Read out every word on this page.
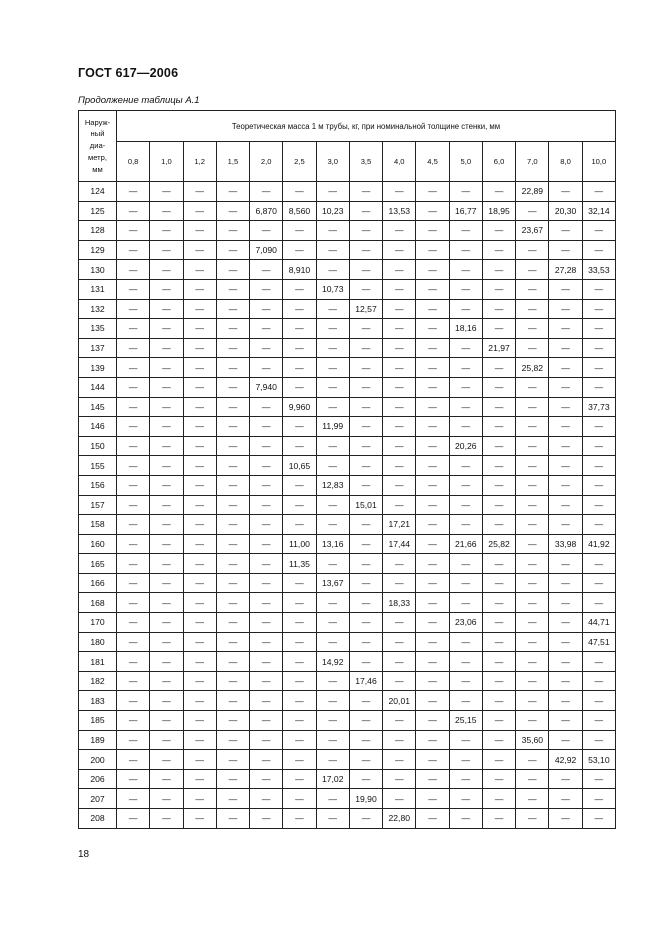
ГОСТ 617—2006
Продолжение таблицы А.1
Наруж-
ный
диа-
метр,
мм	Теоретическая масса 1 м трубы, кг, при номинальной толщине стенки, мм														
	0,8	1,0	1,2	1,5	2,0	2,5	3,0	3,5	4,0	4,5	5,0	6,0	7,0	8,0	10,0
124	—	—	—	—	—	—	—	—	—	—	—	—	22,89	—	—
125	—	—	—	—	6,870	8,560	10,23	—	13,53	—	16,77	18,95	—	20,30	32,14
128	—	—	—	—	—	—	—	—	—	—	—	—	23,67	—	—
129	—	—	—	—	7,090	—	—	—	—	—	—	—	—	—	—
130	—	—	—	—	—	8,910	—	—	—	—	—	—	—	27,28	33,53
131	—	—	—	—	—	—	10,73	—	—	—	—	—	—	—	—
132	—	—	—	—	—	—	—	12,57	—	—	—	—	—	—	—
135	—	—	—	—	—	—	—	—	—	—	18,16	—	—	—	—
137	—	—	—	—	—	—	—	—	—	—	—	21,97	—	—	—
139	—	—	—	—	—	—	—	—	—	—	—	—	25,82	—	—
144	—	—	—	—	7,940	—	—	—	—	—	—	—	—	—	—
145	—	—	—	—	—	9,960	—	—	—	—	—	—	—	—	37,73
146	—	—	—	—	—	—	11,99	—	—	—	—	—	—	—	—
150	—	—	—	—	—	—	—	—	—	—	20,26	—	—	—	—
155	—	—	—	—	—	10,65	—	—	—	—	—	—	—	—	—
156	—	—	—	—	—	—	12,83	—	—	—	—	—	—	—	—
157	—	—	—	—	—	—	—	15,01	—	—	—	—	—	—	—
158	—	—	—	—	—	—	—	—	17,21	—	—	—	—	—	—
160	—	—	—	—	—	11,00	13,16	—	17,44	—	21,66	25,82	—	33,98	41,92
165	—	—	—	—	—	11,35	—	—	—	—	—	—	—	—	—
166	—	—	—	—	—	—	13,67	—	—	—	—	—	—	—	—
168	—	—	—	—	—	—	—	—	18,33	—	—	—	—	—	—
170	—	—	—	—	—	—	—	—	—	—	23,06	—	—	—	44,71
180	—	—	—	—	—	—	—	—	—	—	—	—	—	—	47,51
181	—	—	—	—	—	—	14,92	—	—	—	—	—	—	—	—
182	—	—	—	—	—	—	—	17,46	—	—	—	—	—	—	—
183	—	—	—	—	—	—	—	—	20,01	—	—	—	—	—	—
185	—	—	—	—	—	—	—	—	—	—	25,15	—	—	—	—
189	—	—	—	—	—	—	—	—	—	—	—	—	35,60	—	—
200	—	—	—	—	—	—	—	—	—	—	—	—	—	42,92	53,10
206	—	—	—	—	—	—	17,02	—	—	—	—	—	—	—	—
207	—	—	—	—	—	—	—	19,90	—	—	—	—	—	—	—
208	—	—	—	—	—	—	—	—	22,80	—	—	—	—	—	—
18
